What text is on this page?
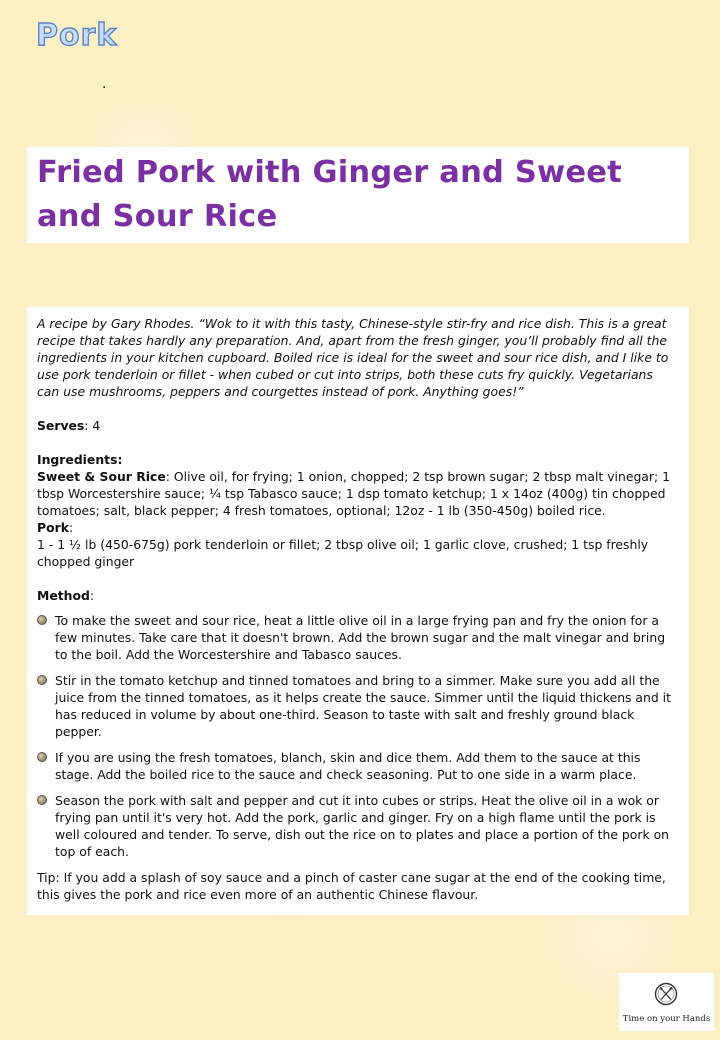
Pork
.
Fried Pork with Ginger and Sweet and Sour Rice

A recipe by Gary Rhodes. “Wok to it with this tasty, Chinese-style stir-fry and rice dish. This is a great recipe that takes hardly any preparation. And, apart from the fresh ginger, you’ll probably find all the ingredients in your kitchen cupboard. Boiled rice is ideal for the sweet and sour rice dish, and I like to use pork tenderloin or fillet - when cubed or cut into strips, both these cuts fry quickly. Vegetarians can use mushrooms, peppers and courgettes instead of pork. Anything goes!”

Serves: 4

Ingredients:

Sweet & Sour Rice: Olive oil, for frying; 1 onion, chopped; 2 tsp brown sugar; 2 tbsp malt vinegar; 1 tbsp Worcestershire sauce; ¼ tsp Tabasco sauce; 1 dsp tomato ketchup; 1 x 14oz (400g) tin chopped tomatoes; salt, black pepper; 4 fresh tomatoes, optional; 12oz - 1 lb (350-450g) boiled rice.

Pork:

1 - 1 ½ lb (450-675g) pork tenderloin or fillet; 2 tbsp olive oil; 1 garlic clove, crushed; 1 tsp freshly chopped ginger

Method:

To make the sweet and sour rice, heat a little olive oil in a large frying pan and fry the onion for a few minutes. Take care that it doesn't brown. Add the brown sugar and the malt vinegar and bring to the boil. Add the Worcestershire and Tabasco sauces.
Stir in the tomato ketchup and tinned tomatoes and bring to a simmer. Make sure you add all the juice from the tinned tomatoes, as it helps create the sauce. Simmer until the liquid thickens and it has reduced in volume by about one-third. Season to taste with salt and freshly ground black pepper.
If you are using the fresh tomatoes, blanch, skin and dice them. Add them to the sauce at this stage. Add the boiled rice to the sauce and check seasoning. Put to one side in a warm place.
Season the pork with salt and pepper and cut it into cubes or strips. Heat the olive oil in a wok or frying pan until it's very hot. Add the pork, garlic and ginger. Fry on a high flame until the pork is well coloured and tender. To serve, dish out the rice on to plates and place a portion of the pork on top of each.

Tip: If you add a splash of soy sauce and a pinch of caster cane sugar at the end of the cooking time, this gives the pork and rice even more of an authentic Chinese flavour.

Time on your Hands
